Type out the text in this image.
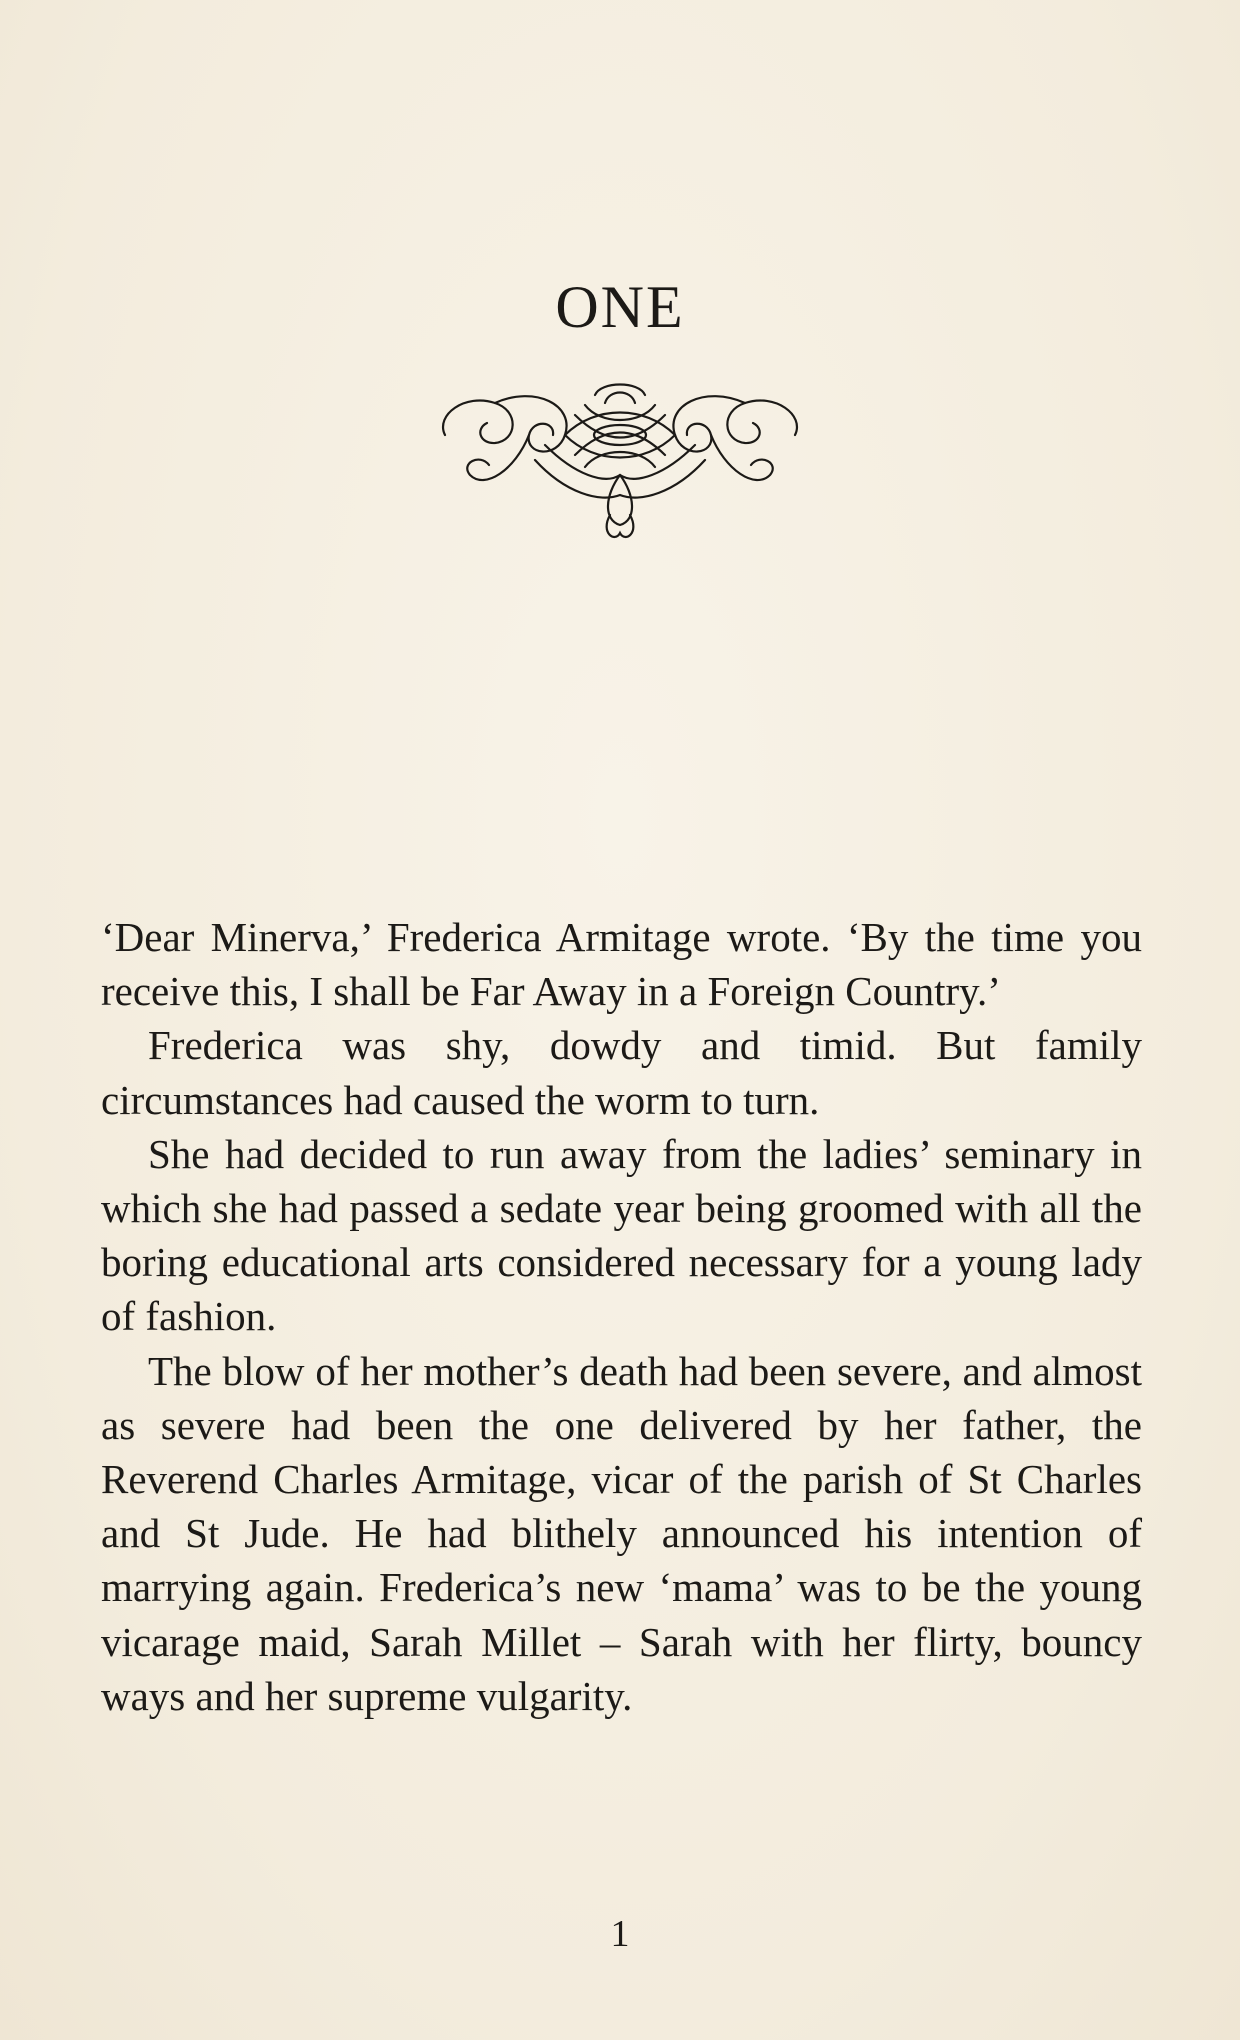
ONE

‘Dear Minerva,’ Frederica Armitage wrote. ‘By the time you receive this, I shall be Far Away in a Foreign Country.’

Frederica was shy, dowdy and timid. But family circumstances had caused the worm to turn.

She had decided to run away from the ladies’ seminary in which she had passed a sedate year being groomed with all the boring educational arts considered necessary for a young lady of fashion.

The blow of her mother’s death had been severe, and almost as severe had been the one delivered by her father, the Reverend Charles Armitage, vicar of the parish of St Charles and St Jude. He had blithely announced his intention of marrying again. Frederica’s new ‘mama’ was to be the young vicarage maid, Sarah Millet – Sarah with her flirty, bouncy ways and her supreme vulgarity.

1
